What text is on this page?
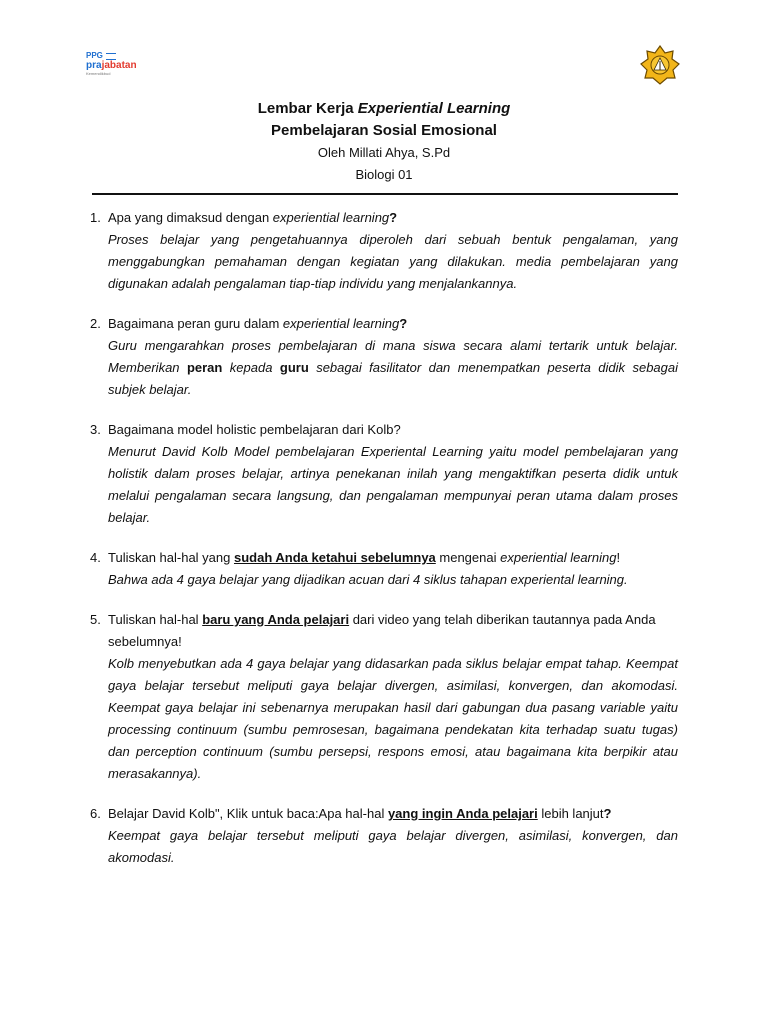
PPG
prajabatan
Kemendikbud
Lembar Kerja Experiential Learning
Pembelajaran Sosial Emosional
Oleh Millati Ahya, S.Pd
Biologi 01
1. Apa yang dimaksud dengan experiential learning?
Proses belajar yang pengetahuannya diperoleh dari sebuah bentuk pengalaman, yang menggabungkan pemahaman dengan kegiatan yang dilakukan. media pembelajaran yang digunakan adalah pengalaman tiap-tiap individu yang menjalankannya.
2. Bagaimana peran guru dalam experiential learning?
Guru mengarahkan proses pembelajaran di mana siswa secara alami tertarik untuk belajar. Memberikan peran kepada guru sebagai fasilitator dan menempatkan peserta didik sebagai subjek belajar.
3. Bagaimana model holistic pembelajaran dari Kolb?
Menurut David Kolb Model pembelajaran Experiental Learning yaitu model pembelajaran yang holistik dalam proses belajar, artinya penekanan inilah yang mengaktifkan peserta didik untuk melalui pengalaman secara langsung, dan pengalaman mempunyai peran utama dalam proses belajar.
4. Tuliskan hal-hal yang sudah Anda ketahui sebelumnya mengenai experiential learning!
Bahwa ada 4 gaya belajar yang dijadikan acuan dari 4 siklus tahapan experiental learning.
5. Tuliskan hal-hal baru yang Anda pelajari dari video yang telah diberikan tautannya pada Anda sebelumnya!
Kolb menyebutkan ada 4 gaya belajar yang didasarkan pada siklus belajar empat tahap. Keempat gaya belajar tersebut meliputi gaya belajar divergen, asimilasi, konvergen, dan akomodasi. Keempat gaya belajar ini sebenarnya merupakan hasil dari gabungan dua pasang variable yaitu processing continuum (sumbu pemrosesan, bagaimana pendekatan kita terhadap suatu tugas) dan perception continuum (sumbu persepsi, respons emosi, atau bagaimana kita berpikir atau merasakannya).
6. Belajar David Kolb", Klik untuk baca:Apa hal-hal yang ingin Anda pelajari lebih lanjut?
Keempat gaya belajar tersebut meliputi gaya belajar divergen, asimilasi, konvergen, dan akomodasi.
